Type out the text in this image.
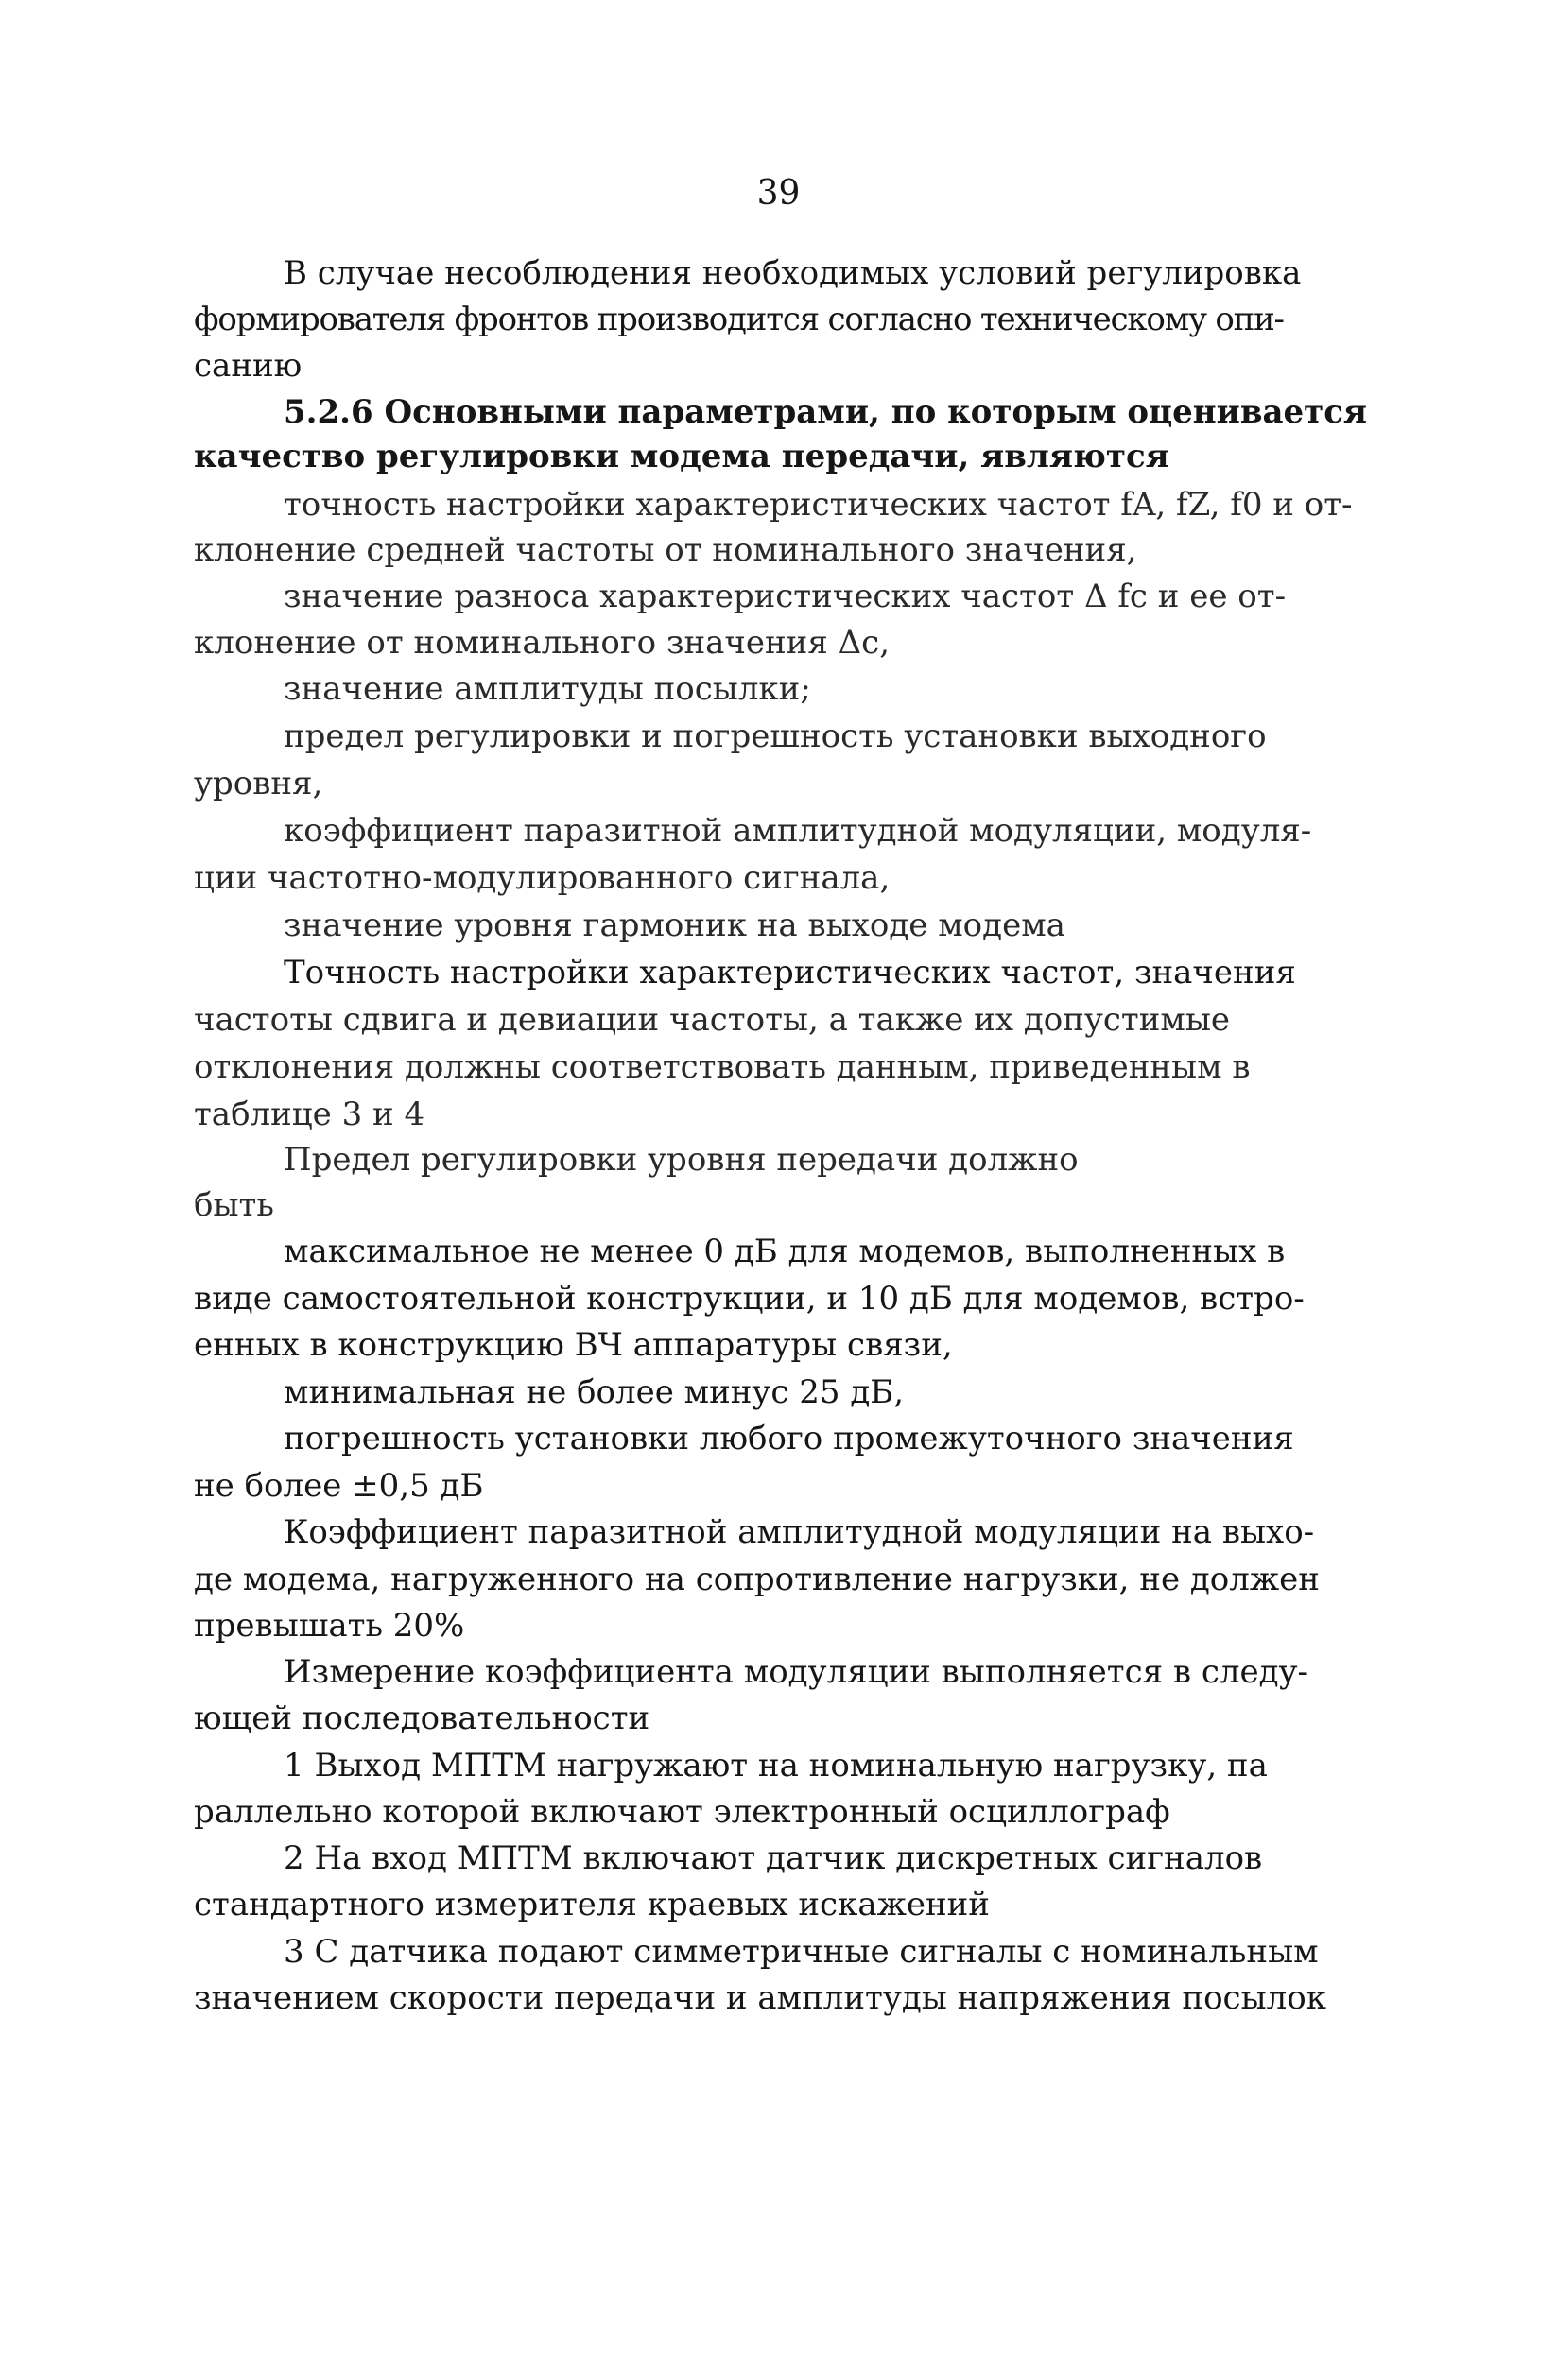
39
В случае несоблюдения необходимых условий регулировка
формирователя фронтов производится согласно техническому опи-
санию
5.2.6 Основными параметрами, по которым оценивается
качество регулировки модема передачи, являются
точность настройки характеристических частот fA, fZ, f0 и от-
клонение средней частоты от номинального значения,
значение разноса характеристических частот Δ fc и ее от-
клонение от номинального значения Δc,
значение амплитуды посылки;
предел регулировки и погрешность установки выходного
уровня,
коэффициент паразитной амплитудной модуляции, модуля-
ции частотно-модулированного сигнала,
значение уровня гармоник на выходе модема
Точность настройки характеристических частот, значения
частоты сдвига и девиации частоты, а также их допустимые
отклонения должны соответствовать данным, приведенным в
таблице 3 и 4
Предел регулировки уровня передачи должно
быть
максимальное не менее 0 дБ для модемов, выполненных в
виде самостоятельной конструкции, и 10 дБ для модемов, встро-
енных в конструкцию ВЧ аппаратуры связи,
минимальная не более минус 25 дБ,
погрешность установки любого промежуточного значения
не более ±0,5 дБ
Коэффициент паразитной амплитудной модуляции на выхо-
де модема, нагруженного на сопротивление нагрузки, не должен
превышать 20%
Измерение коэффициента модуляции выполняется в следу-
ющей последовательности
1 Выход МПТМ нагружают на номинальную нагрузку, па
раллельно которой включают электронный осциллограф
2 На вход МПТМ включают датчик дискретных сигналов
стандартного измерителя краевых искажений
3 С датчика подают симметричные сигналы с номинальным
значением скорости передачи и амплитуды напряжения посылок
